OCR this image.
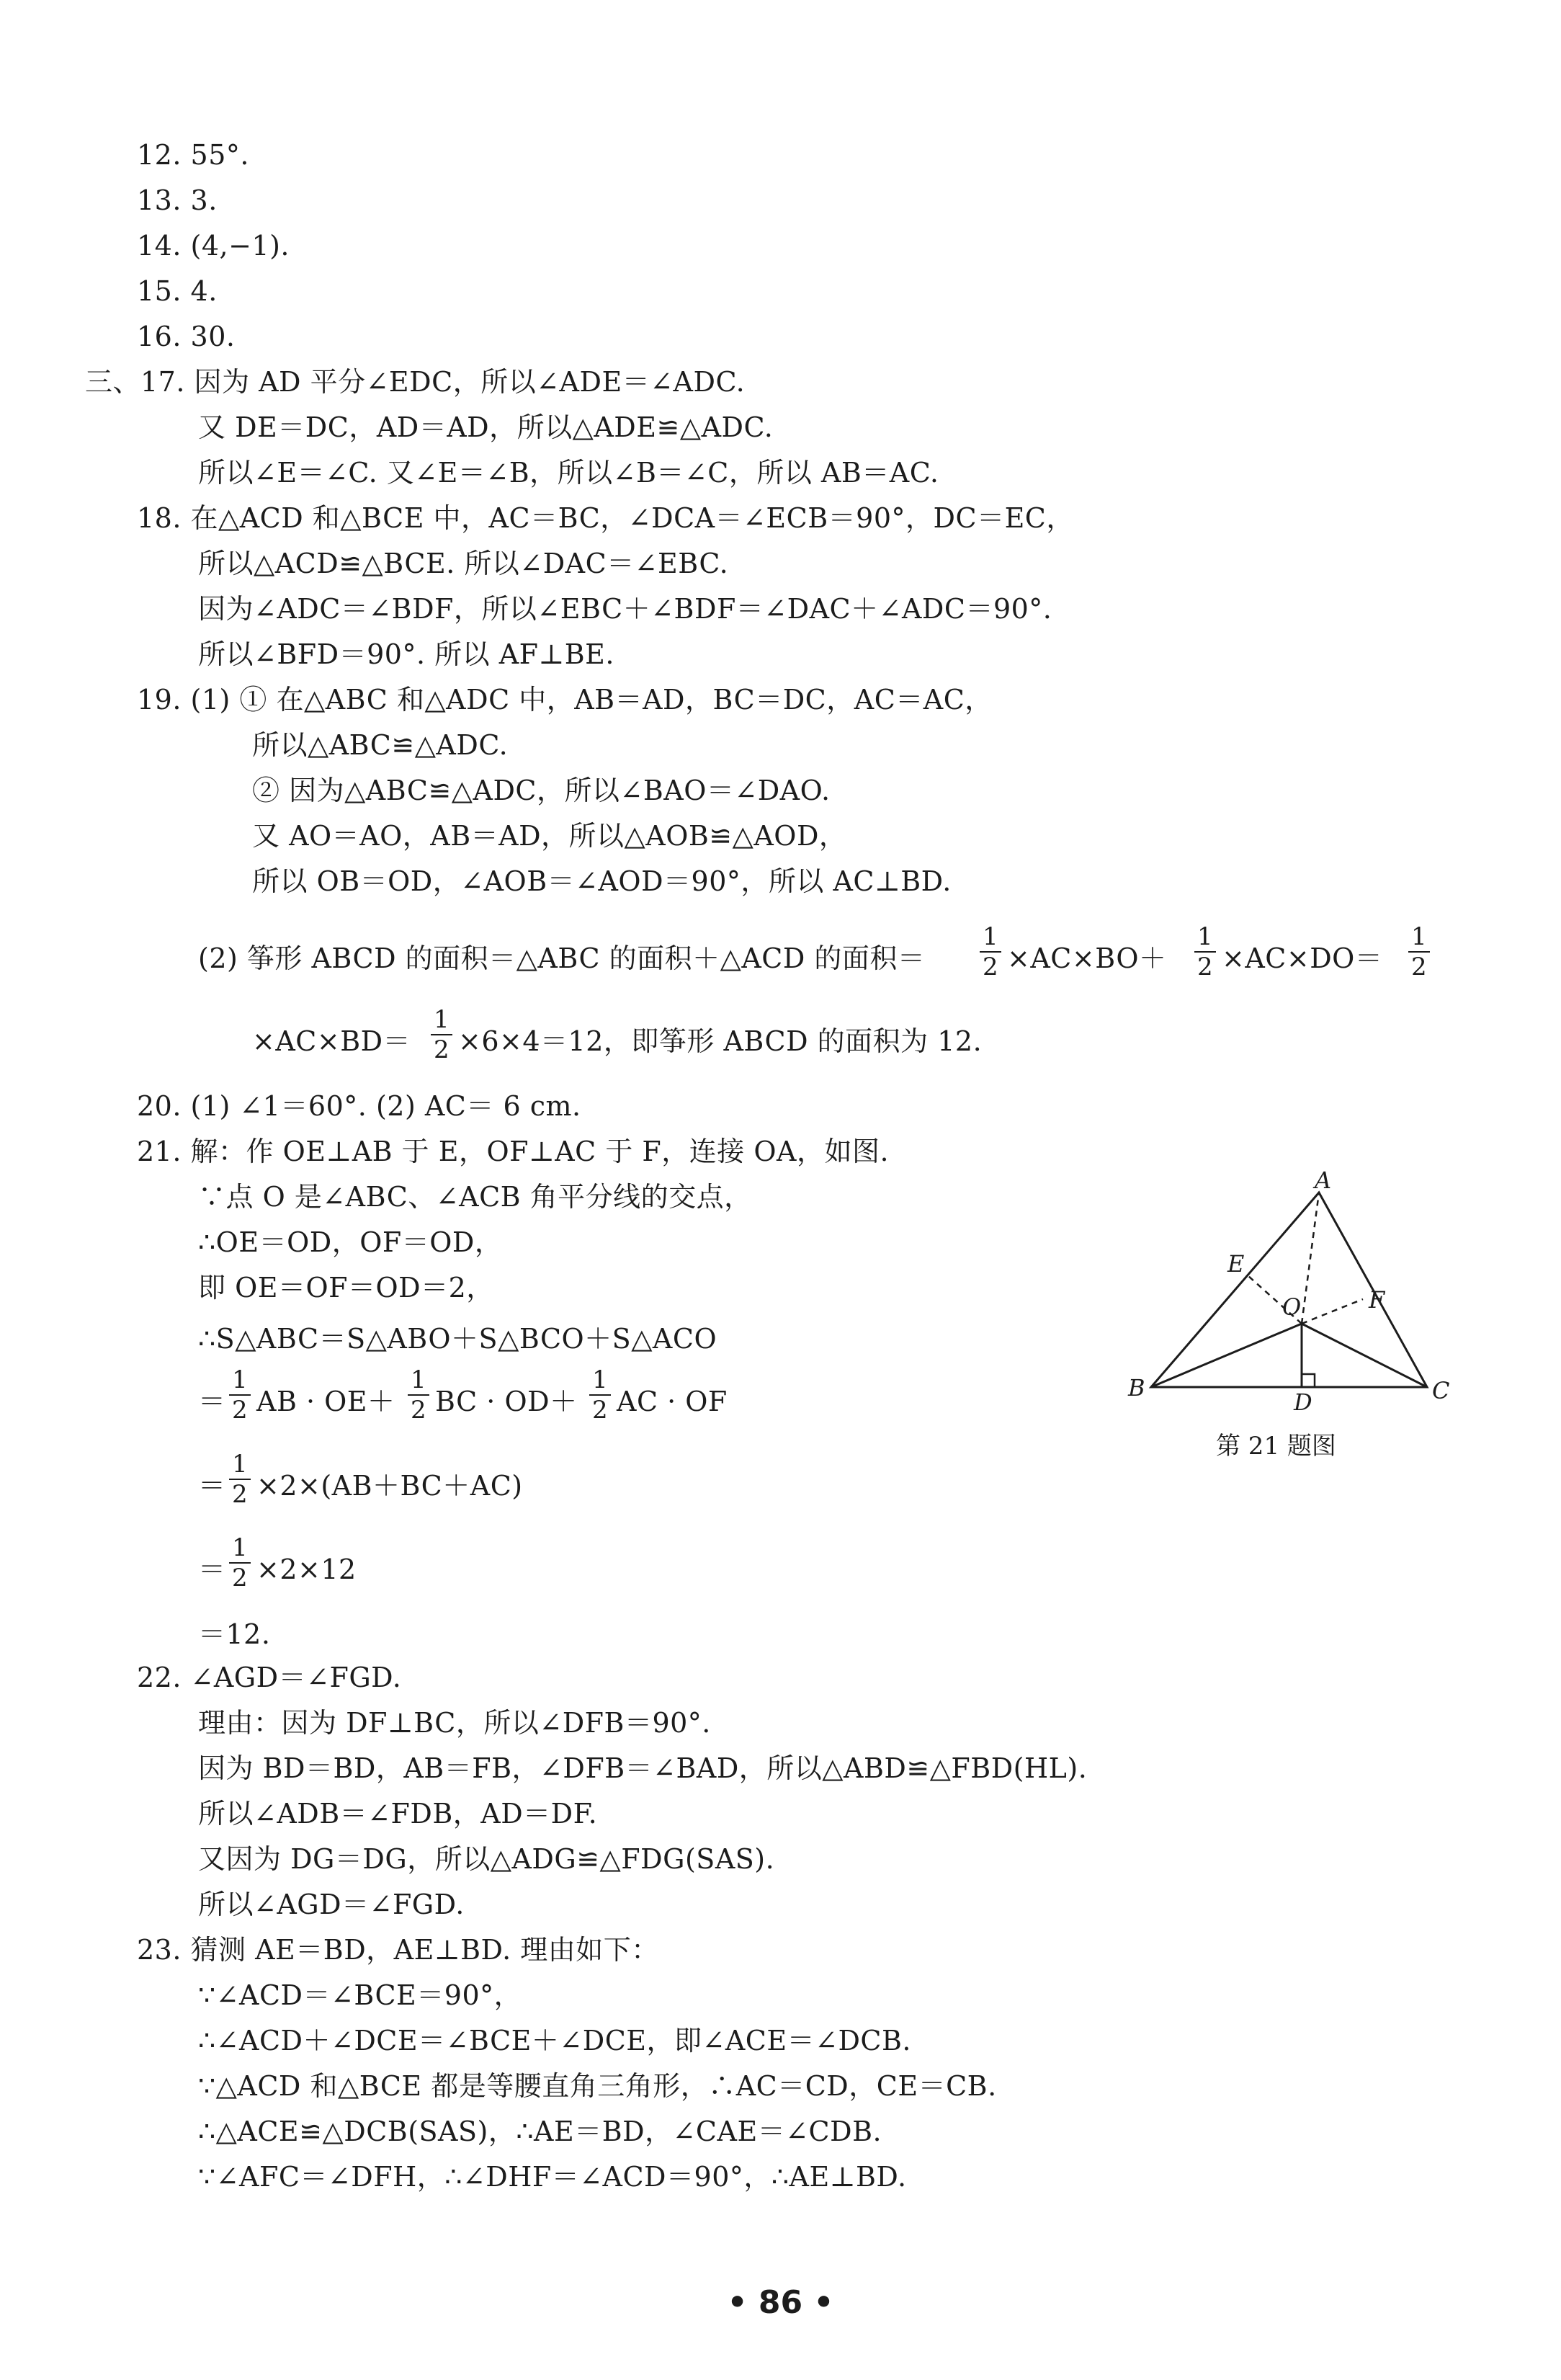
12. 55°.
13. 3.
14. (4,−1).
15. 4.
16. 30.
三、17. 因为 AD 平分∠EDC，所以∠ADE＝∠ADC.
又 DE＝DC，AD＝AD，所以△ADE≌△ADC.
所以∠E＝∠C. 又∠E＝∠B，所以∠B＝∠C，所以 AB＝AC.
18. 在△ACD 和△BCE 中，AC＝BC，∠DCA＝∠ECB＝90°，DC＝EC，
所以△ACD≌△BCE. 所以∠DAC＝∠EBC.
因为∠ADC＝∠BDF，所以∠EBC＋∠BDF＝∠DAC＋∠ADC＝90°.
所以∠BFD＝90°. 所以 AF⊥BE.
19. (1) ① 在△ABC 和△ADC 中，AB＝AD，BC＝DC，AC＝AC，
所以△ABC≌△ADC.
② 因为△ABC≌△ADC，所以∠BAO＝∠DAO.
又 AO＝AO，AB＝AD，所以△AOB≌△AOD，
所以 OB＝OD，∠AOB＝∠AOD＝90°，所以 AC⊥BD.
(2) 筝形 ABCD 的面积＝△ABC 的面积＋△ACD 的面积＝ $\frac{1}{2} \times AC\times BO+ \frac{1}{2} \times AC\times DO= \frac{1}{2}$
$\times AC\times BD= \frac{1}{2} \times 6\times 4=12$，即筝形 ABCD 的面积为 12.
20. (1) ∠1＝60°. (2) AC＝ 6 cm.
21. 解：作 OE⊥AB 于 E，OF⊥AC 于 F，连接 OA，如图.
∵点 O 是∠ABC、∠ACB 角平分线的交点，
∴OE＝OD，OF＝OD，
即 OE＝OF＝OD＝2，
∴S△ABC＝S△ABO＋S△BCO＋S△ACO
＝ $\frac{1}{2}$ AB · $OE+ \frac{1}{2}$ BC · $OD+ \frac{1}{2}$ AC · OF
＝ $\frac{1}{2} \times 2\times(AB+BC+AC)$
＝ $\frac{1}{2} \times 2\times 12$
＝12.
A
B	C
D
E
F
O
第 21 题图
22. ∠AGD＝∠FGD.
理由：因为 DF⊥BC，所以∠DFB＝90°.
因为 BD＝BD，AB＝FB，∠DFB＝∠BAD，所以△ABD≌△FBD(HL).
所以∠ADB＝∠FDB，AD＝DF.
又因为 DG＝DG，所以△ADG≌△FDG(SAS).
所以∠AGD＝∠FGD.
23. 猜测 AE＝BD，AE⊥BD. 理由如下：
∵∠ACD＝∠BCE＝90°，
∴∠ACD＋∠DCE＝∠BCE＋∠DCE，即∠ACE＝∠DCB.
∵△ACD 和△BCE 都是等腰直角三角形，∴AC＝CD，CE＝CB.
∴△ACE≌△DCB(SAS)，∴AE＝BD，∠CAE＝∠CDB.
∵∠AFC＝∠DFH，∴∠DHF＝∠ACD＝90°，∴AE⊥BD.
• 86 •
